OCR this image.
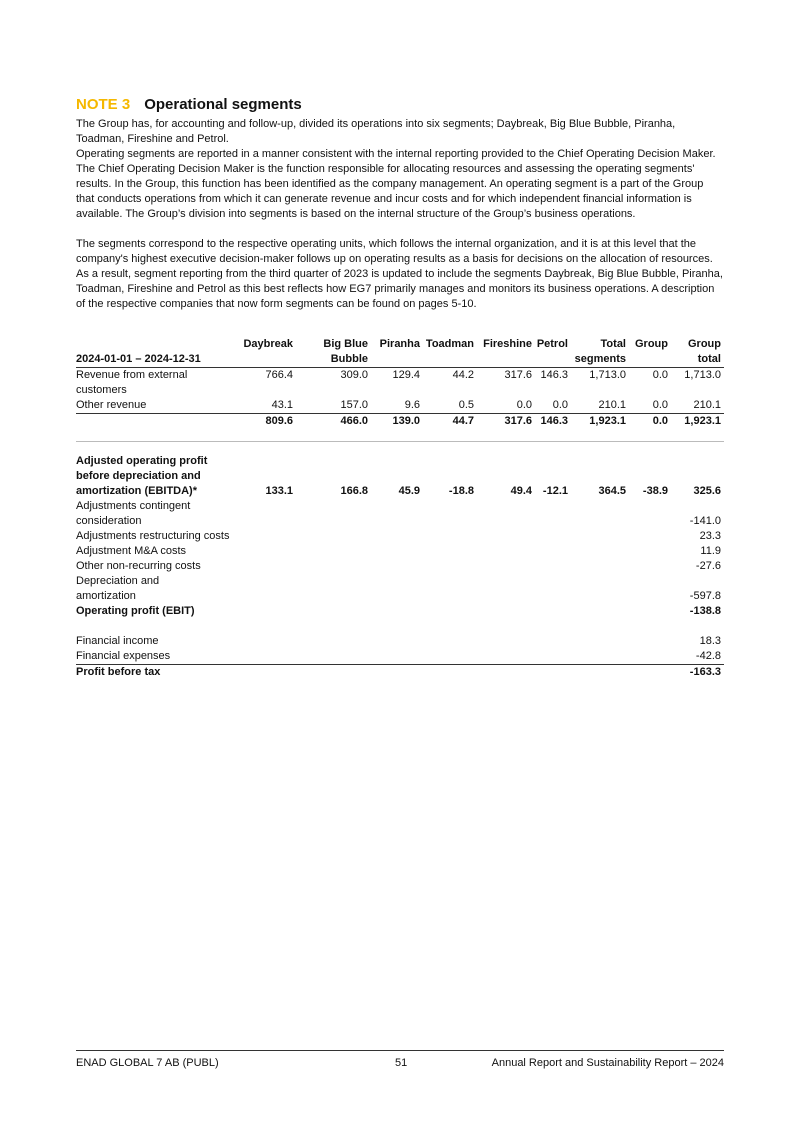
NOTE 3 Operational segments

The Group has, for accounting and follow-up, divided its operations into six segments; Daybreak, Big Blue Bubble, Piranha, Toadman, Fireshine and Petrol.

Operating segments are reported in a manner consistent with the internal reporting provided to the Chief Operating Decision Maker. The Chief Operating Decision Maker is the function responsible for allocating resources and assessing the operating segments' results. In the Group, this function has been identified as the company management. An operating segment is a part of the Group that conducts operations from which it can generate revenue and incur costs and for which independent financial information is available. The Group’s division into segments is based on the internal structure of the Group’s business operations.

The segments correspond to the respective operating units, which follows the internal organization, and it is at this level that the company's highest executive decision-maker follows up on operating results as a basis for decisions on the allocation of resources. As a result, segment reporting from the third quarter of 2023 is updated to include the segments Daybreak, Big Blue Bubble, Piranha, Toadman, Fireshine and Petrol as this best reflects how EG7 primarily manages and monitors its business operations. A description of the respective companies that now form segments can be found on pages 5-10.

2024-01-01 – 2024-12-31	Daybreak	Big Blue Bubble	Piranha	Toadman	Fireshine	Petrol	Total segments	Group	Group total
Revenue from external customers	766.4	309.0	129.4	44.2	317.6	146.3	1,713.0	0.0	1,713.0
Other revenue	43.1	157.0	9.6	0.5	0.0	0.0	210.1	0.0	210.1
	809.6	466.0	139.0	44.7	317.6	146.3	1,923.1	0.0	1,923.1

Adjusted operating profit before depreciation and amortization (EBITDA)*	133.1	166.8	45.9	-18.8	49.4	-12.1	364.5	-38.9	325.6
Adjustments contingent consideration									-141.0
Adjustments restructuring costs									23.3
Adjustment M&A costs									11.9
Other non-recurring costs									-27.6
Depreciation and amortization									-597.8
Operating profit (EBIT)									-138.8

Financial income									18.3
Financial expenses									-42.8
Profit before tax									-163.3
ENAD GLOBAL 7 AB (PUBL)	51	Annual Report and Sustainability Report – 2024
